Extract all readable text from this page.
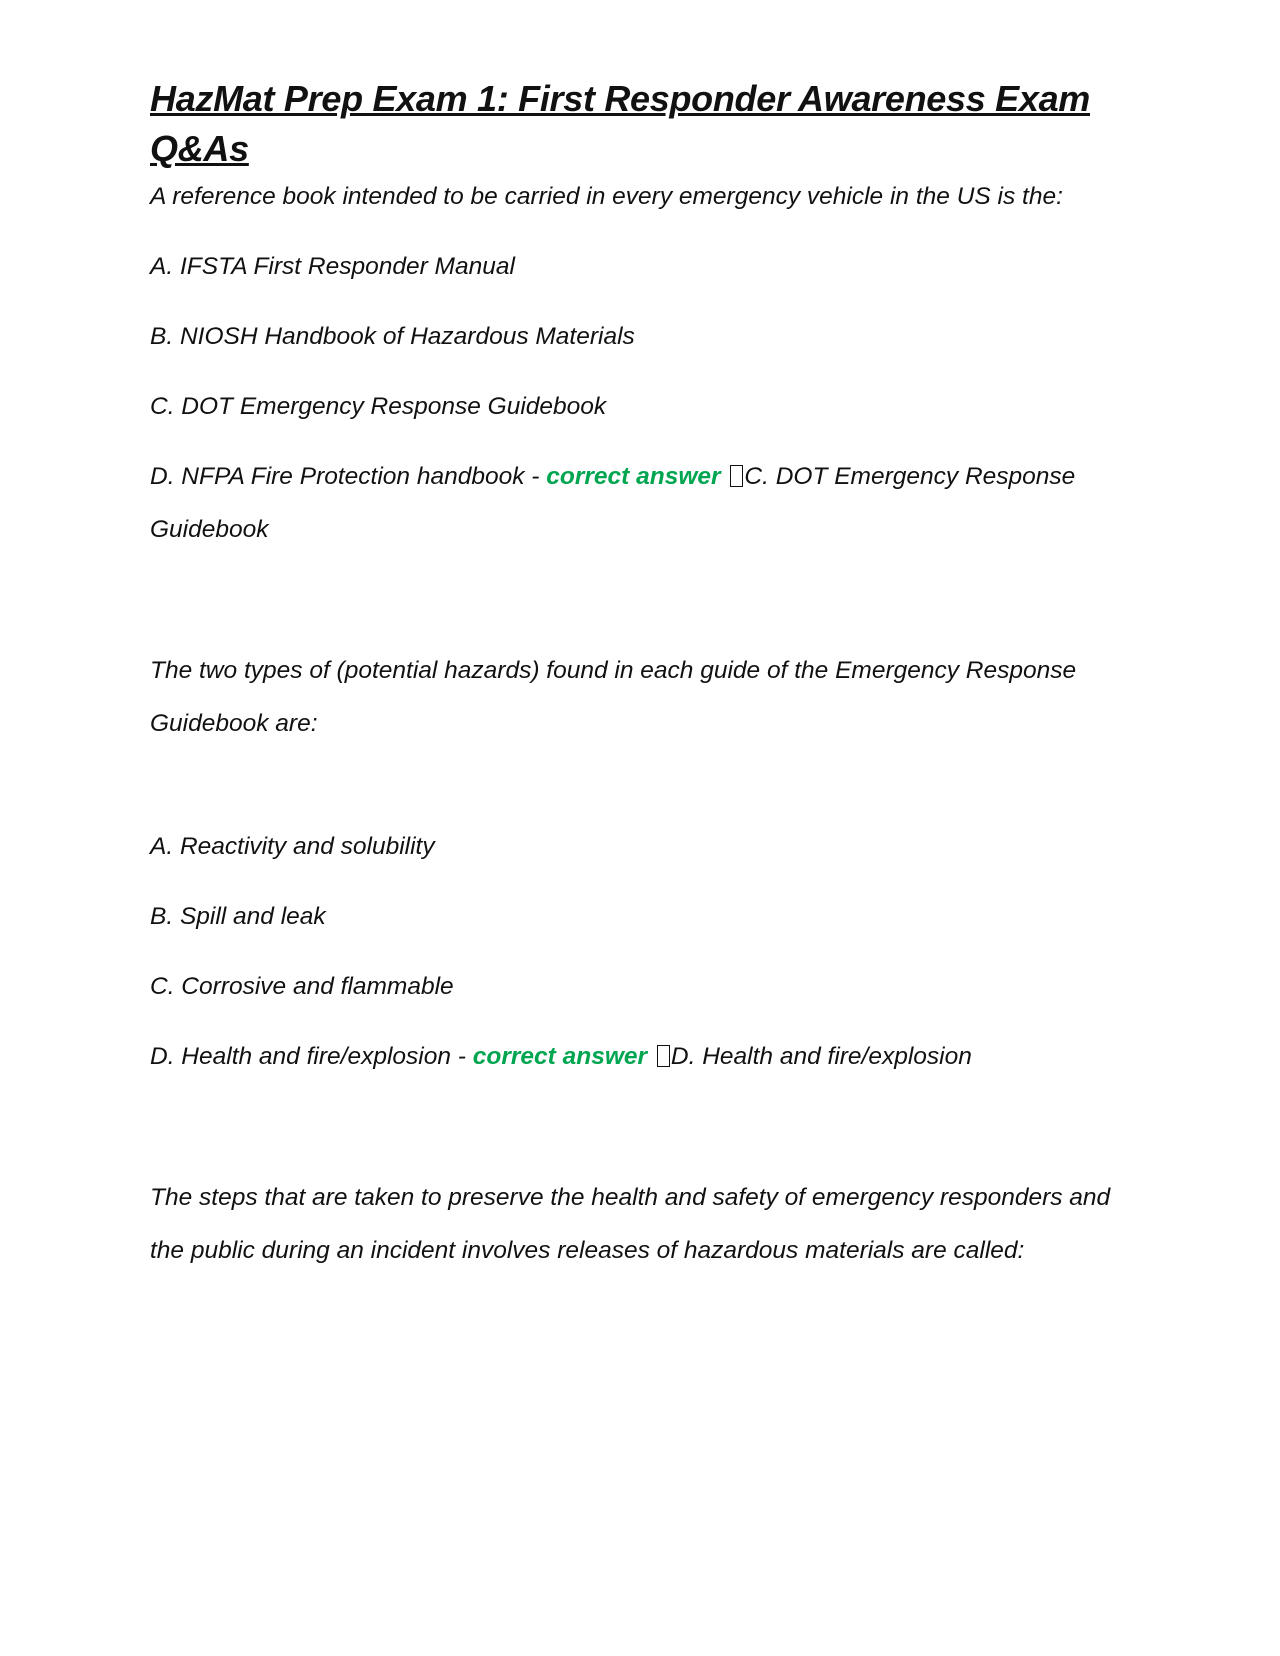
HazMat Prep Exam 1: First Responder Awareness Exam Q&As

A reference book intended to be carried in every emergency vehicle in the US is the:

A. IFSTA First Responder Manual

B. NIOSH Handbook of Hazardous Materials

C. DOT Emergency Response Guidebook

D. NFPA Fire Protection handbook - correct answer C. DOT Emergency Response Guidebook

The two types of (potential hazards) found in each guide of the Emergency Response Guidebook are:

A. Reactivity and solubility

B. Spill and leak

C. Corrosive and flammable

D. Health and fire/explosion - correct answer D. Health and fire/explosion

The steps that are taken to preserve the health and safety of emergency responders and the public during an incident involves releases of hazardous materials are called:
